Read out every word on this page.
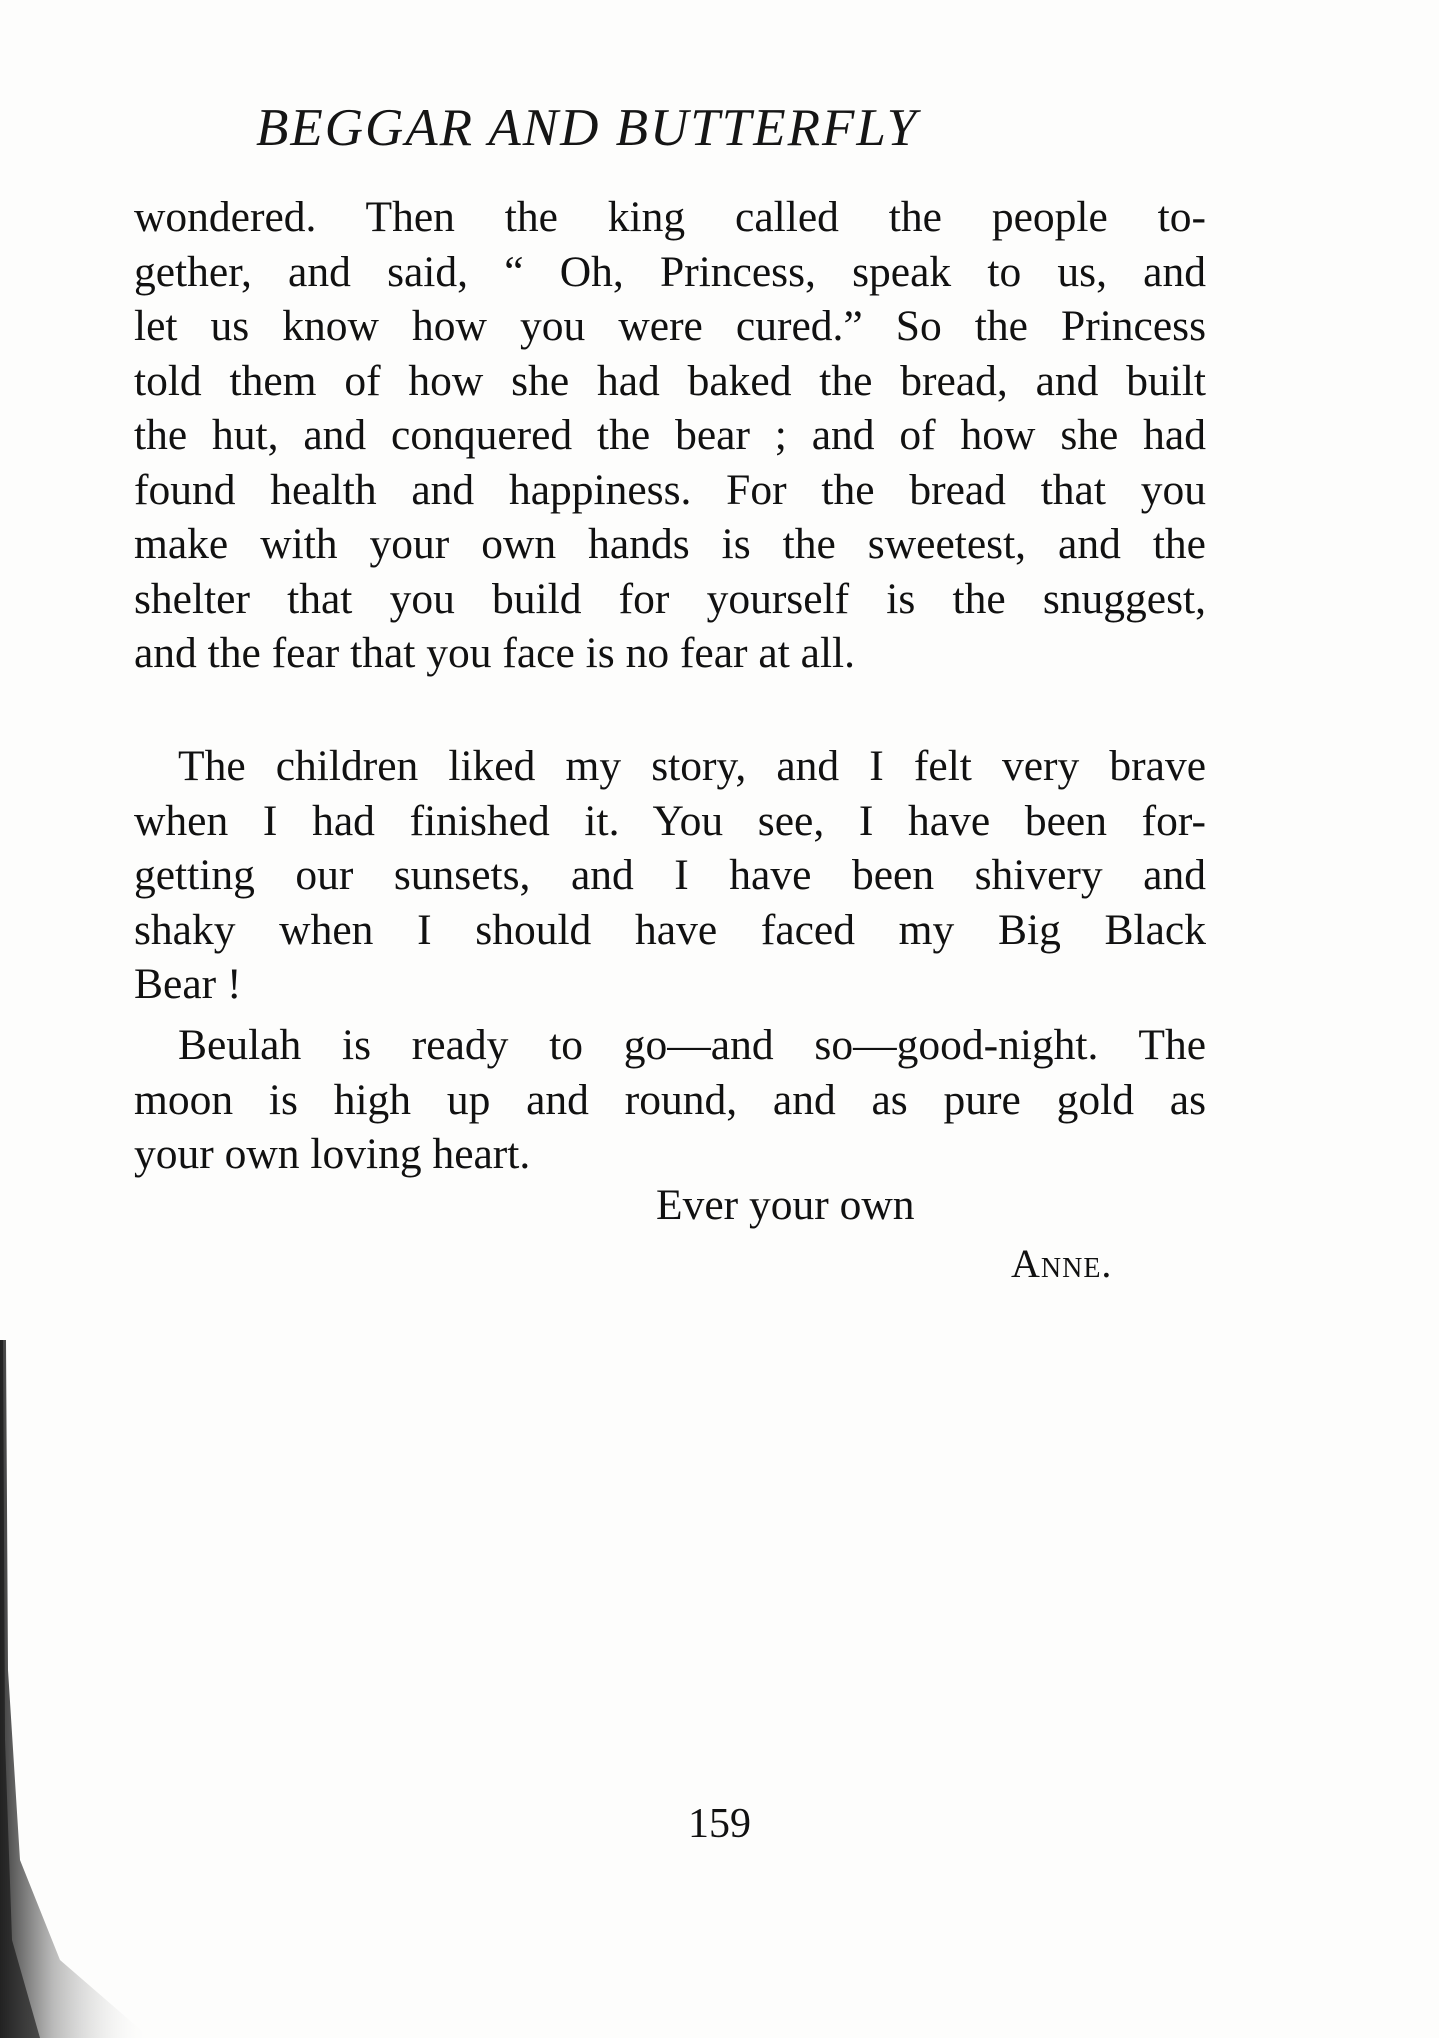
BEGGAR AND BUTTERFLY
wondered. Then the king called the people to-
gether, and said, “ Oh, Princess, speak to us, and
let us know how you were cured.” So the Princess
told them of how she had baked the bread, and built
the hut, and conquered the bear ; and of how she had
found health and happiness. For the bread that you
make with your own hands is the sweetest, and the
shelter that you build for yourself is the snuggest,
and the fear that you face is no fear at all.
The children liked my story, and I felt very brave
when I had finished it. You see, I have been for-
getting our sunsets, and I have been shivery and
shaky when I should have faced my Big Black
Bear !
Beulah is ready to go—and so—good-night. The
moon is high up and round, and as pure gold as
your own loving heart.
Ever your own
Anne.
159
